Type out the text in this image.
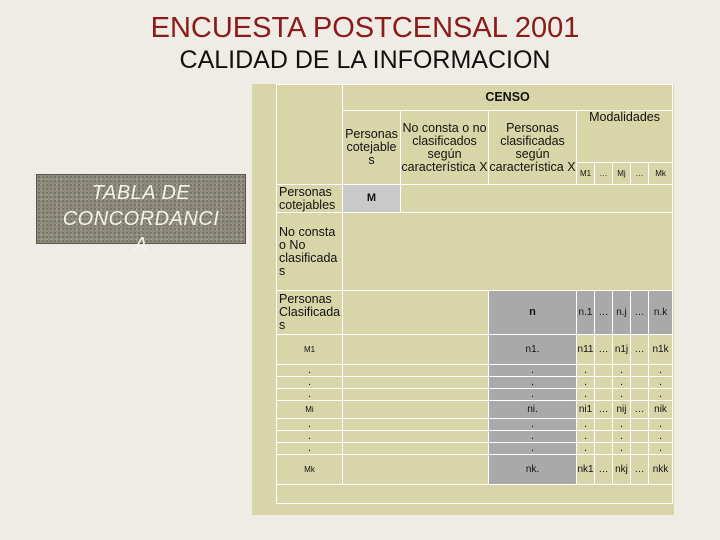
ENCUESTA POSTCENSAL 2001
CALIDAD DE LA INFORMACION
TABLA DE
CONCORDANCI
A
	CENSO							
	Personas cotejable s	No consta o no clasificados según característica X	Personas clasificadas según característica X	Modalidades				
				M1	…	Mj	…	Mk
Personas cotejables	M							
No consta o No clasificada s								
Personas Clasificada s			n	n.1	…	n.j	…	n.k
M1			n1.	n11	…	n1j	…	n1k
.			.	.		.		.
.			.	.		.		.
.			.	.		.		.
Mi			ni.	ni1	…	nij	…	nik
.			.	.		.		.
.			.	.		.		.
.			.	.		.		.
Mk			nk.	nk1	…	nkj	…	nkk
